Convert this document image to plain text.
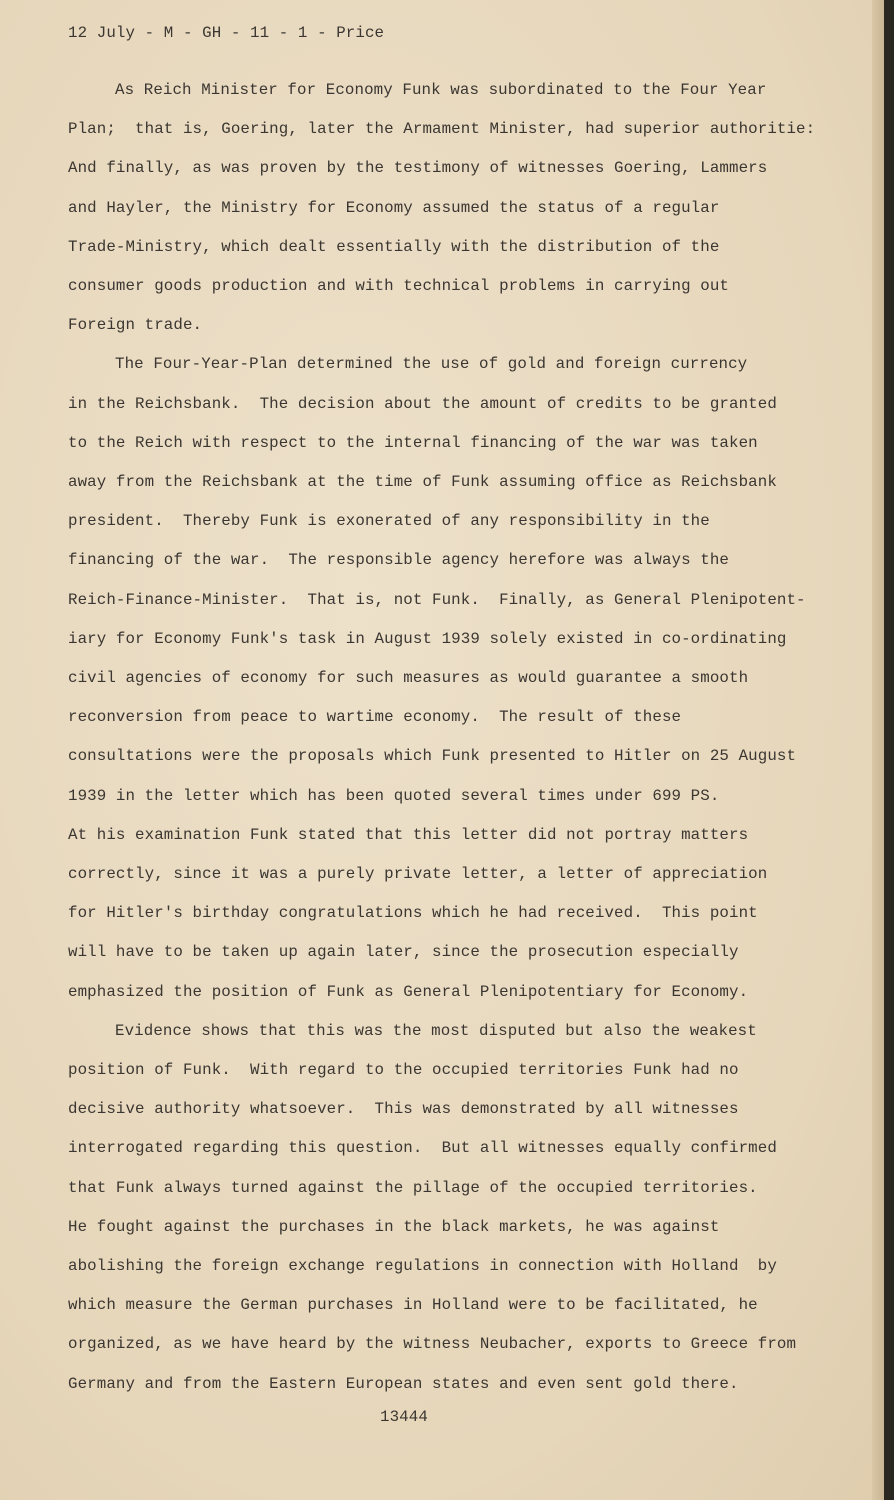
12 July - M - GH - 11 - 1 - Price
As Reich Minister for Economy Funk was subordinated to the Four Year
Plan;  that is, Goering, later the Armament Minister, had superior authoritie:
And finally, as was proven by the testimony of witnesses Goering, Lammers
and Hayler, the Ministry for Economy assumed the status of a regular
Trade-Ministry, which dealt essentially with the distribution of the
consumer goods production and with technical problems in carrying out
Foreign trade.
The Four-Year-Plan determined the use of gold and foreign currency
in the Reichsbank.  The decision about the amount of credits to be granted
to the Reich with respect to the internal financing of the war was taken
away from the Reichsbank at the time of Funk assuming office as Reichsbank
president.  Thereby Funk is exonerated of any responsibility in the
financing of the war.  The responsible agency herefore was always the
Reich-Finance-Minister.  That is, not Funk.  Finally, as General Plenipotent-
iary for Economy Funk's task in August 1939 solely existed in co-ordinating
civil agencies of economy for such measures as would guarantee a smooth
reconversion from peace to wartime economy.  The result of these
consultations were the proposals which Funk presented to Hitler on 25 August
1939 in the letter which has been quoted several times under 699 PS.
At his examination Funk stated that this letter did not portray matters
correctly, since it was a purely private letter, a letter of appreciation
for Hitler's birthday congratulations which he had received.  This point
will have to be taken up again later, since the prosecution especially
emphasized the position of Funk as General Plenipotentiary for Economy.
Evidence shows that this was the most disputed but also the weakest
position of Funk.  With regard to the occupied territories Funk had no
decisive authority whatsoever.  This was demonstrated by all witnesses
interrogated regarding this question.  But all witnesses equally confirmed
that Funk always turned against the pillage of the occupied territories.
He fought against the purchases in the black markets, he was against
abolishing the foreign exchange regulations in connection with Holland  by
which measure the German purchases in Holland were to be facilitated, he
organized, as we have heard by the witness Neubacher, exports to Greece from
Germany and from the Eastern European states and even sent gold there.
13444
